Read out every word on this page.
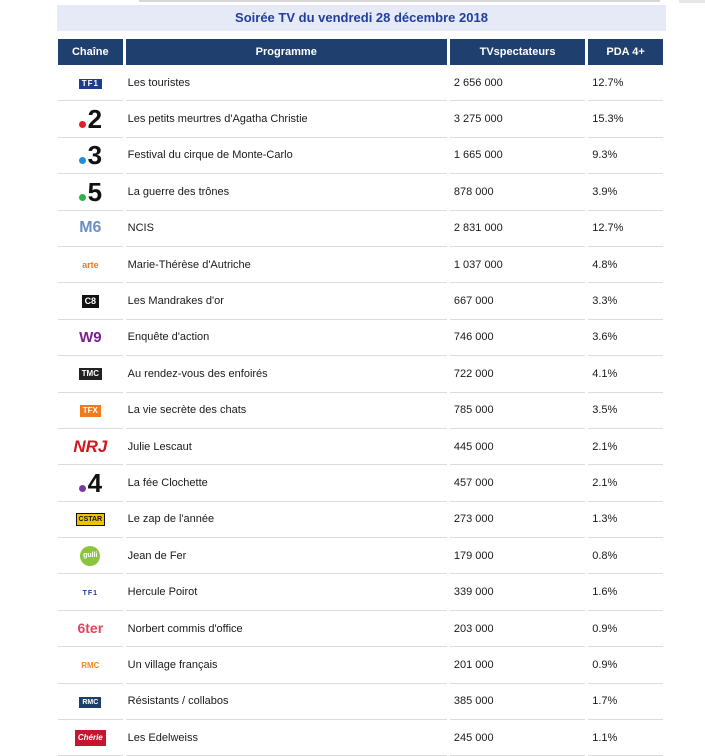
Soirée TV du vendredi 28 décembre 2018
Chaîne	Programme	TVspectateurs	PDA 4+
TF1	Les touristes	2 656 000	12.7%

2	Les petits meurtres d'Agatha Christie	3 275 000	15.3%

3	Festival du cirque de Monte-Carlo	1 665 000	9.3%

5	La guerre des trônes	878 000	3.9%
M6	NCIS	2 831 000	12.7%
arte	Marie-Thérèse d'Autriche	1 037 000	4.8%
C8	Les Mandrakes d'or	667 000	3.3%
W9	Enquête d'action	746 000	3.6%
TMC	Au rendez-vous des enfoirés	722 000	4.1%
TFX	La vie secrète des chats	785 000	3.5%
NRJ	Julie Lescaut	445 000	2.1%

4	La fée Clochette	457 000	2.1%
CSTAR	Le zap de l'année	273 000	1.3%
gulli	Jean de Fer	179 000	0.8%
TF1	Hercule Poirot	339 000	1.6%
6ter	Norbert commis d'office	203 000	0.9%
RMC	Un village français	201 000	0.9%
RMC	Résistants / collabos	385 000	1.7%
Chérie	Les Edelweiss	245 000	1.1%
